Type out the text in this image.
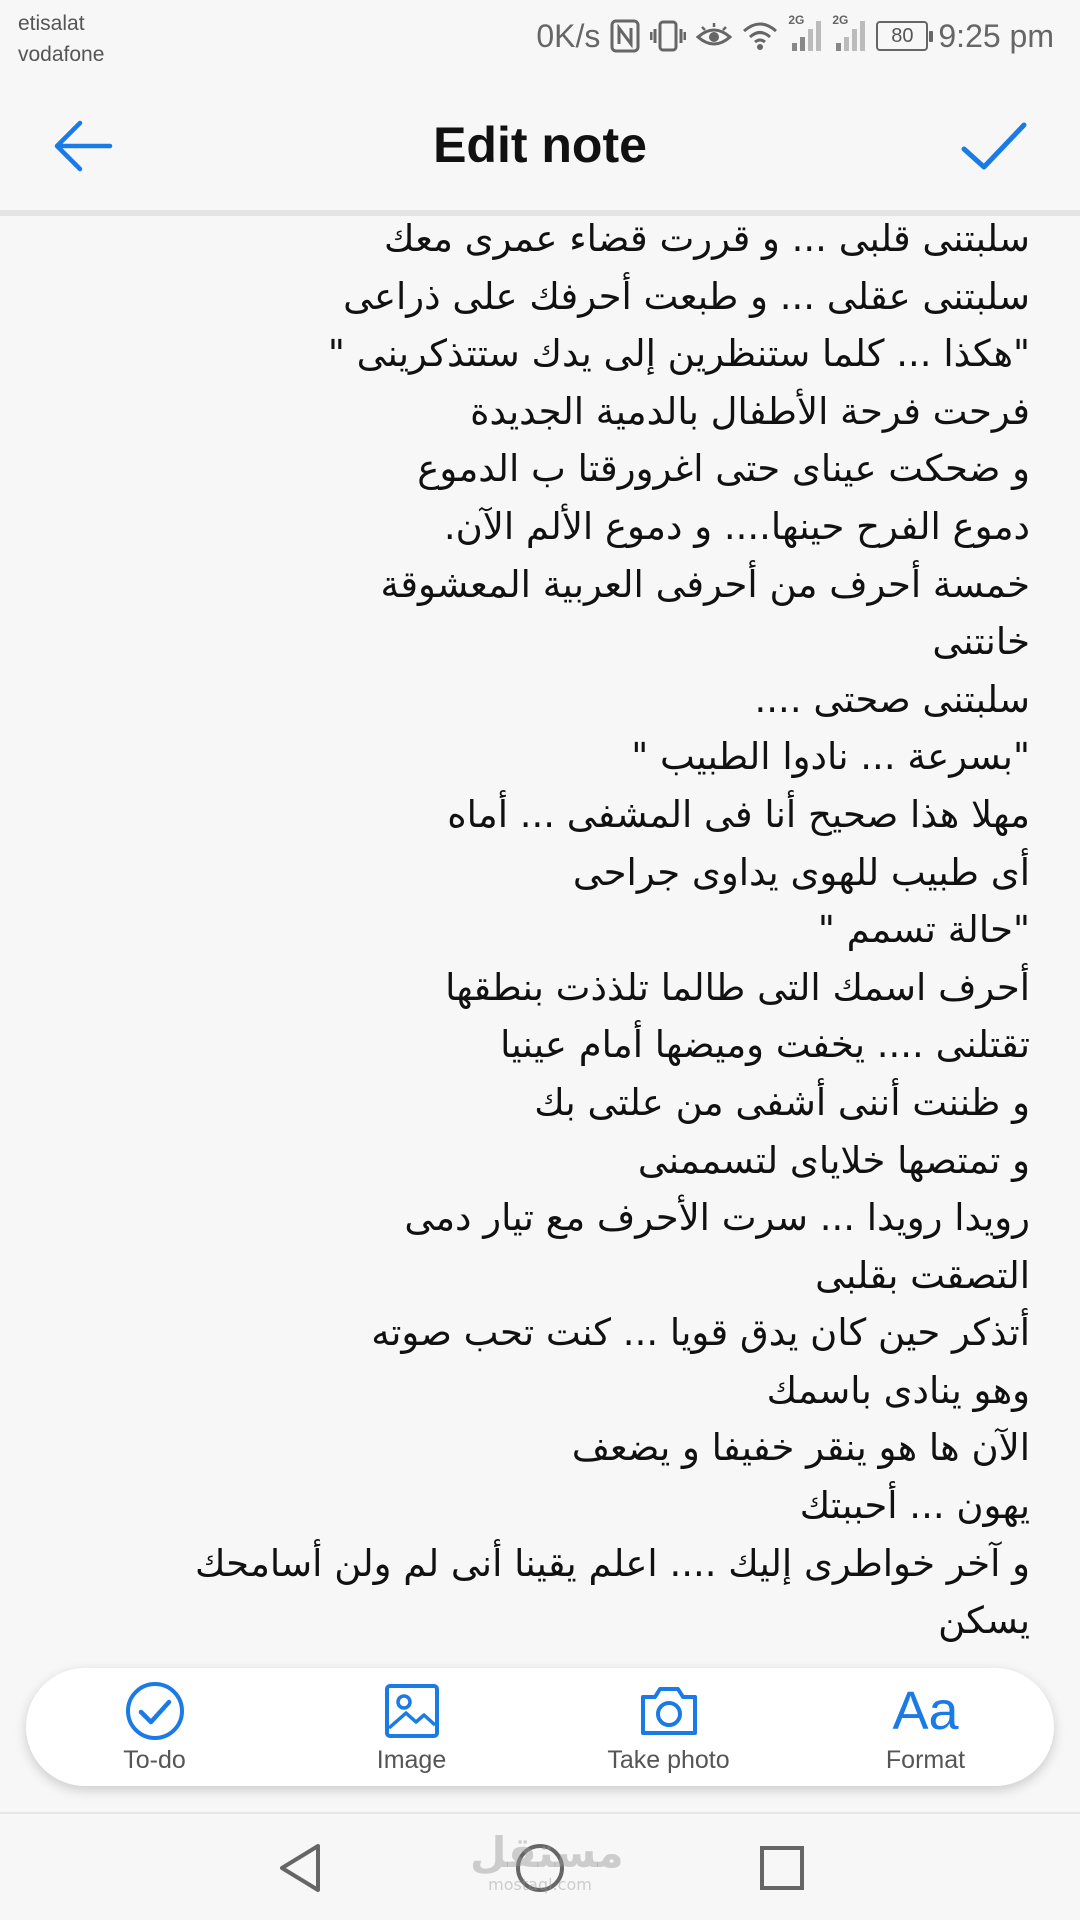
etisalat
vodafone
0K/s	2G 2G
80 9:25 pm
Edit note
سلبتنى قلبى ... و قررت قضاء عمرى معك
سلبتنى عقلى ... و طبعت أحرفك على ذراعى
"هكذا ... كلما ستنظرين إلى يدك ستتذكرينى "
فرحت فرحة الأطفال بالدمية الجديدة
و ضحكت عيناى حتى اغرورقتا ب الدموع
دموع الفرح حينها.... و دموع الألم الآن.
خمسة أحرف من أحرفى العربية المعشوقة
خانتنى
سلبتنى صحتى ....
"بسرعة ... نادوا الطبيب "
مهلا هذا صحيح أنا فى المشفى ... أماه
أى طبيب للهوى يداوى جراحى
"حالة تسمم "
أحرف اسمك التى طالما تلذذت بنطقها
تقتلنى .... يخفت وميضها أمام عينيا
و ظننت أننى أشفى من علتى بك
و تمتصها خلاياى لتسممنى
رويدا رويدا ... سرت الأحرف مع تيار دمى
التصقت بقلبى
أتذكر حين كان يدق قويا ... كنت تحب صوته
وهو ينادى باسمك
الآن ها هو ينقر خفيفا و يضعف
يهون ... أحببتك
و آخر خواطرى إليك .... اعلم يقينا أنى لم ولن أسامحك
يسكن
To-do	Image	Take photo
Aa
Format
مستقل
mostaql.com
